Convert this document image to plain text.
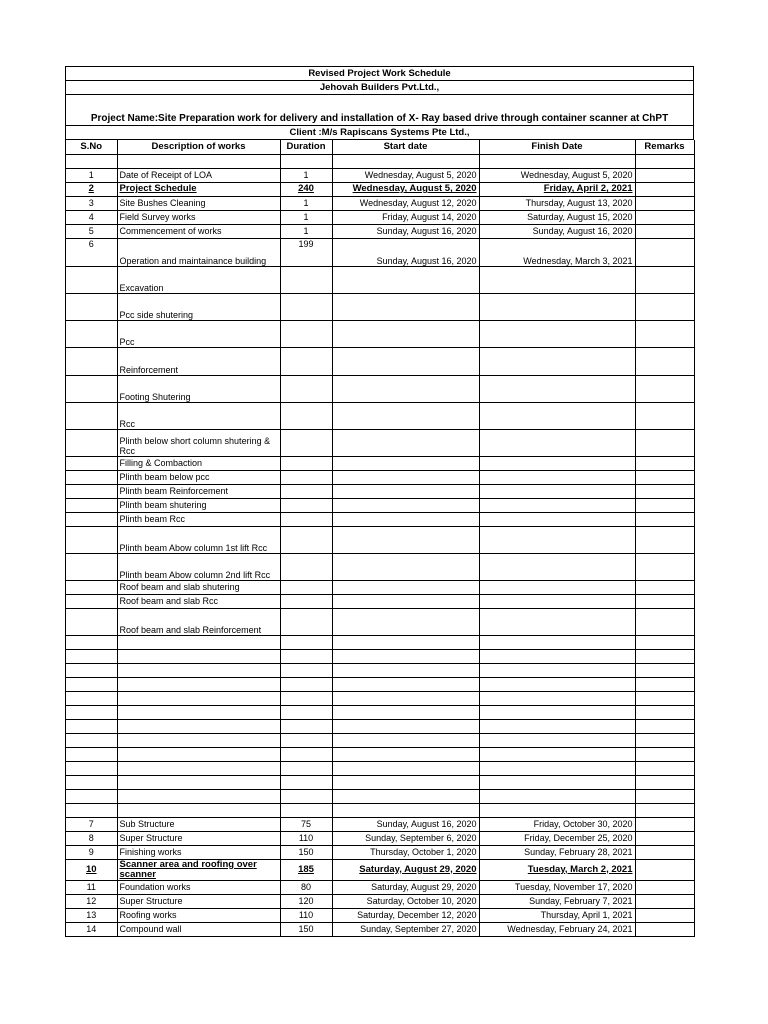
Revised Project Work Schedule
Jehovah Builders Pvt.Ltd.,
Project Name:Site Preparation work for delivery and installation of X- Ray based drive through container scanner at ChPT
Client :M/s Rapiscans Systems Pte Ltd.,
S.No	Description of works	Duration	Start date	Finish Date	Remarks

1	Date of Receipt of LOA	1	Wednesday, August 5, 2020	Wednesday, August 5, 2020	
2	Project Schedule	240	Wednesday, August 5, 2020	Friday, April 2, 2021	
3	Site Bushes Cleaning	1	Wednesday, August 12, 2020	Thursday, August 13, 2020	
4	Field Survey works	1	Friday, August 14, 2020	Saturday, August 15, 2020	
5	Commencement of works	1	Sunday, August 16, 2020	Sunday, August 16, 2020	
6	Operation and maintainance building	199	Sunday, August 16, 2020	Wednesday, March 3, 2021	
	Excavation				
	Pcc side shutering				
	Pcc				
	Reinforcement				
	Footing Shutering				
	Rcc				
	Plinth below short column shutering & Rcc				
	Filling & Combaction				
	Plinth beam below pcc				
	Plinth beam Reinforcement				
	Plinth beam shutering				
	Plinth beam Rcc				
	Plinth beam Abow column 1st lift Rcc				
	Plinth beam Abow column 2nd lift Rcc				
	Roof beam and slab shutering				
	Roof beam and slab Rcc				
	Roof beam and slab Reinforcement				

7	Sub Structure	75	Sunday, August 16, 2020	Friday, October 30, 2020	
8	Super Structure	110	Sunday, September 6, 2020	Friday, December 25, 2020	
9	Finishing works	150	Thursday, October 1, 2020	Sunday, February 28, 2021	
10	Scanner area and roofing over scanner	185	Saturday, August 29, 2020	Tuesday, March 2, 2021	
11	Foundation works	80	Saturday, August 29, 2020	Tuesday, November 17, 2020	
12	Super Structure	120	Saturday, October 10, 2020	Sunday, February 7, 2021	
13	Roofing works	110	Saturday, December 12, 2020	Thursday, April 1, 2021	
14	Compound wall	150	Sunday, September 27, 2020	Wednesday, February 24, 2021	
